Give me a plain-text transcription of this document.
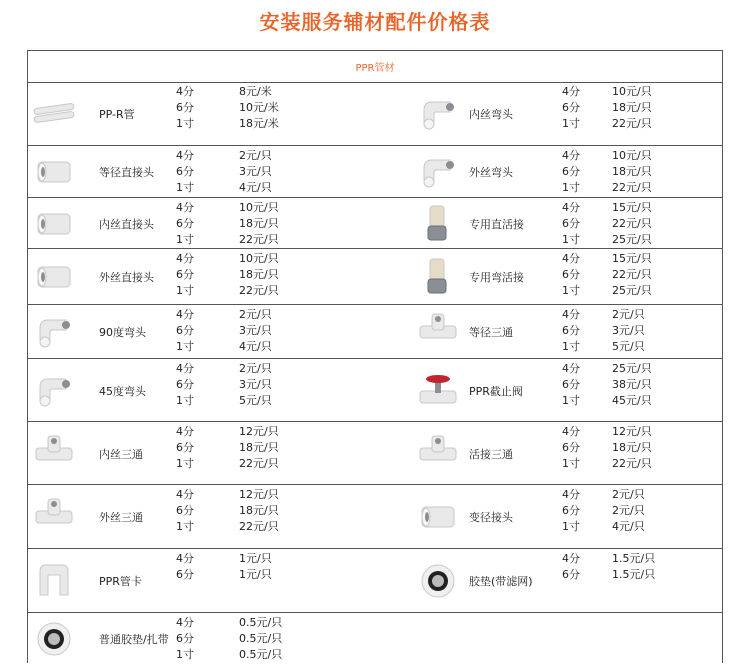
安装服务辅材配件价格表
PPR管材
PP-R管
4分	8元/米
6分	10元/米
1寸	18元/米
内丝弯头
4分	10元/只
6分	18元/只
1寸	22元/只
等径直接头
4分	2元/只
6分	3元/只
1寸	4元/只
外丝弯头
4分	10元/只
6分	18元/只
1寸	22元/只
内丝直接头
4分	10元/只
6分	18元/只
1寸	22元/只
专用直活接
4分	15元/只
6分	22元/只
1寸	25元/只
外丝直接头
4分	10元/只
6分	18元/只
1寸	22元/只
专用弯活接
4分	15元/只
6分	22元/只
1寸	25元/只
90度弯头
4分	2元/只
6分	3元/只
1寸	4元/只
等径三通
4分	2元/只
6分	3元/只
1寸	5元/只
45度弯头
4分	2元/只
6分	3元/只
1寸	5元/只
PPR截止阀
4分	25元/只
6分	38元/只
1寸	45元/只
内丝三通
4分	12元/只
6分	18元/只
1寸	22元/只
活接三通
4分	12元/只
6分	18元/只
1寸	22元/只
外丝三通
4分	12元/只
6分	18元/只
1寸	22元/只
变径接头
4分	2元/只
6分	2元/只
1寸	4元/只
PPR管卡
4分	1元/只
6分	1元/只
胶垫(带滤网)
4分	1.5元/只
6分	1.5元/只
普通胶垫/扎带
4分	0.5元/只
6分	0.5元/只
1寸	0.5元/只
